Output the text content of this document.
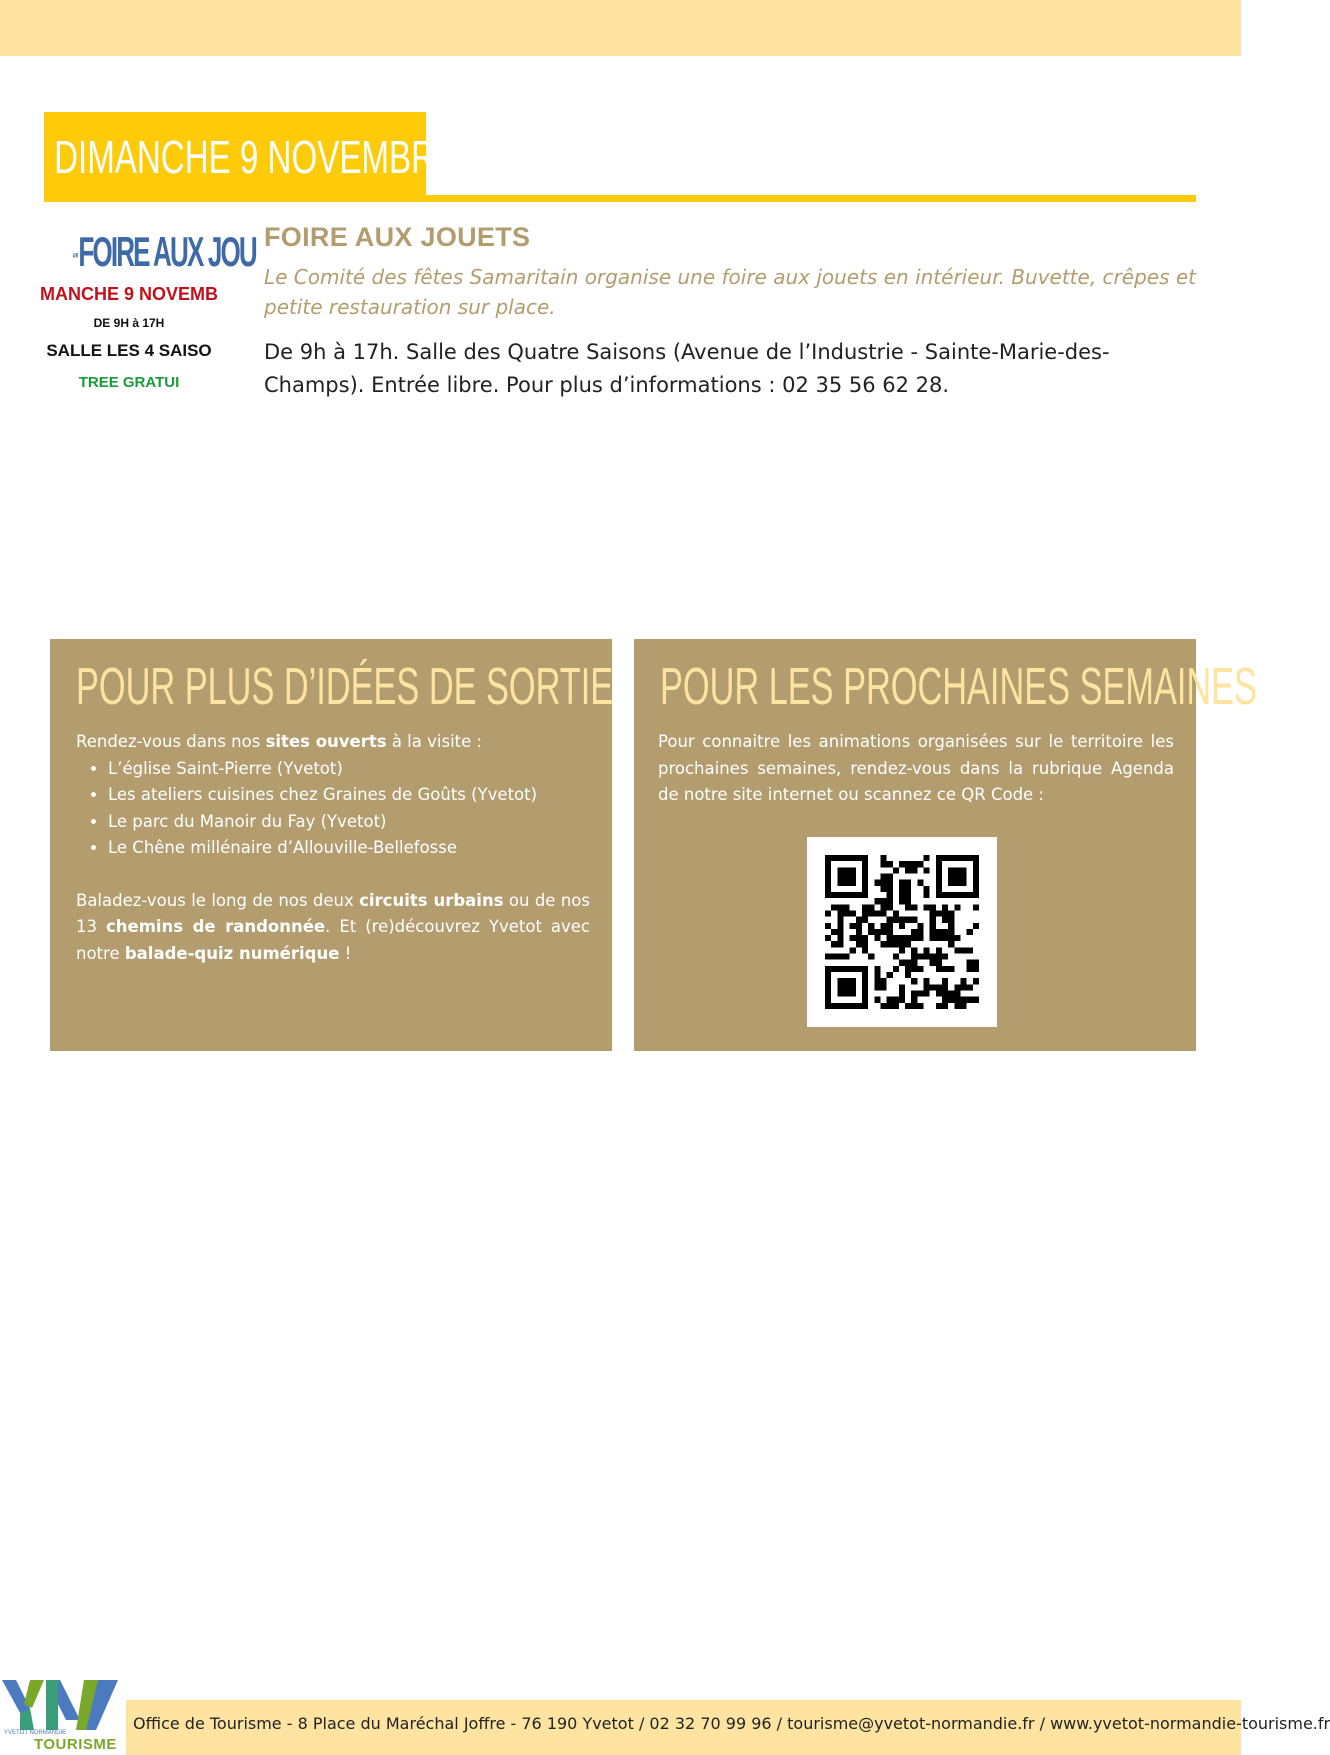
DIMANCHE 9 NOVEMBRE
ueFOIRE AUX JOU
MANCHE 9 NOVEMB
DE 9H à 17H
SALLE LES 4 SAISO
TREE GRATUI
FOIRE AUX JOUETS
Le Comité des fêtes Samaritain organise une foire aux jouets en intérieur. Buvette, crêpes et petite restauration sur place.
De 9h à 17h. Salle des Quatre Saisons (Avenue de l’Industrie - Sainte-Marie-des-Champs). Entrée libre. Pour plus d’informations : 02 35 56 62 28.
POUR PLUS D’IDÉES DE SORTIE
Rendez-vous dans nos sites ouverts à la visite :
• L’église Saint-Pierre (Yvetot)
• Les ateliers cuisines chez Graines de Goûts (Yvetot)
• Le parc du Manoir du Fay (Yvetot)
• Le Chêne millénaire d’Allouville-Bellefosse
Baladez-vous le long de nos deux circuits urbains ou de nos 13 chemins de randonnée. Et (re)découvrez Yvetot avec notre balade-quiz numérique !
POUR LES PROCHAINES SEMAINES
Pour connaitre les animations organisées sur le territoire les prochaines semaines, rendez-vous dans la rubrique Agenda de notre site internet ou scannez ce QR Code :
YVETOT NORMANDIE
TOURISME
Office de Tourisme - 8 Place du Maréchal Joffre - 76 190 Yvetot / 02 32 70 99 96 / tourisme@yvetot-normandie.fr / www.yvetot-normandie-tourisme.fr
